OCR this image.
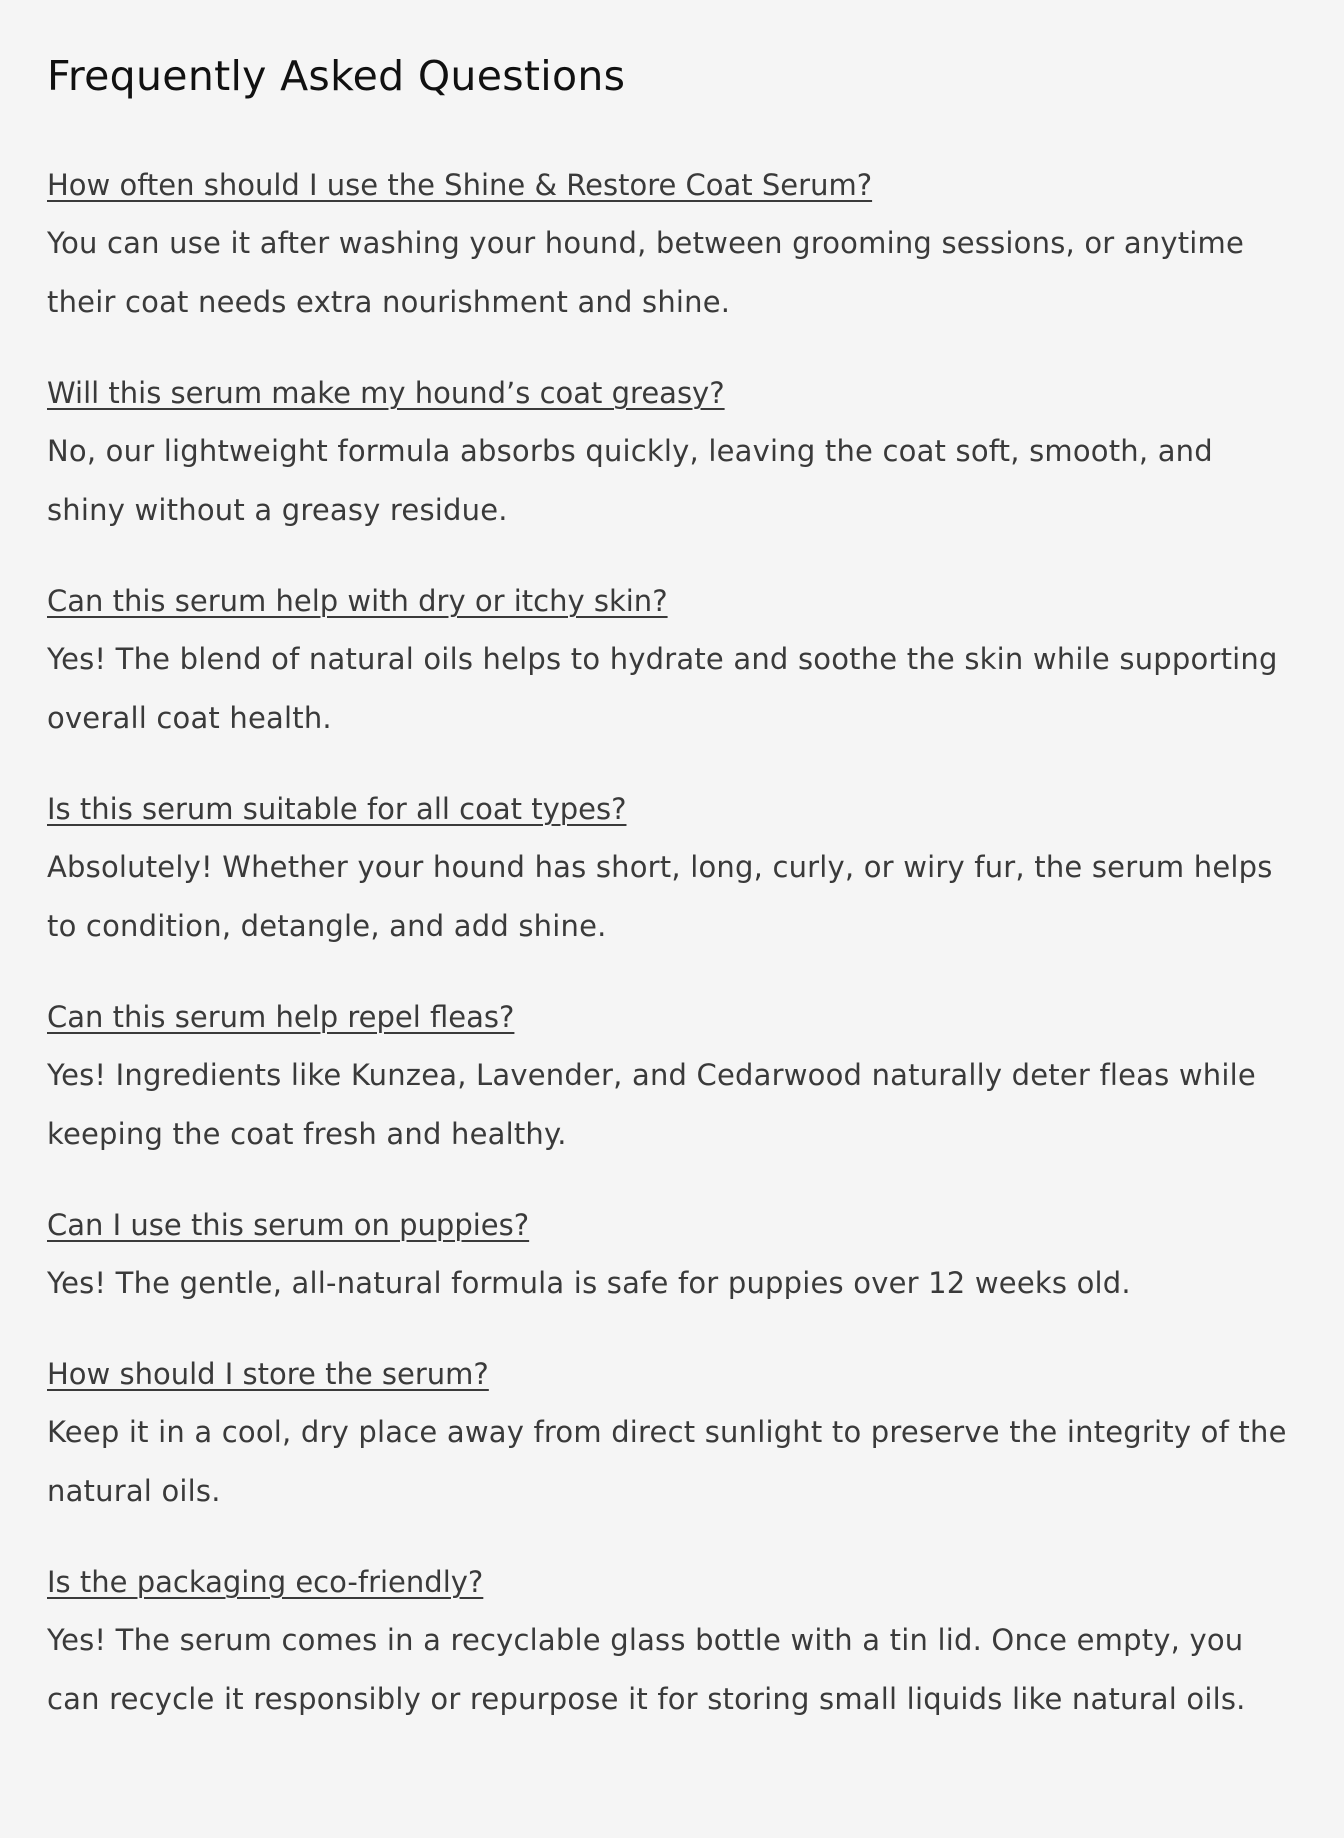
Frequently Asked Questions
How often should I use the Shine & Restore Coat Serum?

You can use it after washing your hound, between grooming sessions, or anytime their coat needs extra nourishment and shine.

Will this serum make my hound’s coat greasy?

No, our lightweight formula absorbs quickly, leaving the coat soft, smooth, and shiny without a greasy residue.

Can this serum help with dry or itchy skin?

Yes! The blend of natural oils helps to hydrate and soothe the skin while supporting overall coat health.

Is this serum suitable for all coat types?

Absolutely! Whether your hound has short, long, curly, or wiry fur, the serum helps to condition, detangle, and add shine.

Can this serum help repel fleas?

Yes! Ingredients like Kunzea, Lavender, and Cedarwood naturally deter fleas while keeping the coat fresh and healthy.

Can I use this serum on puppies?

Yes! The gentle, all-natural formula is safe for puppies over 12 weeks old.

How should I store the serum?

Keep it in a cool, dry place away from direct sunlight to preserve the integrity of the natural oils.

Is the packaging eco-friendly?

Yes! The serum comes in a recyclable glass bottle with a tin lid. Once empty, you can recycle it responsibly or repurpose it for storing small liquids like natural oils.
